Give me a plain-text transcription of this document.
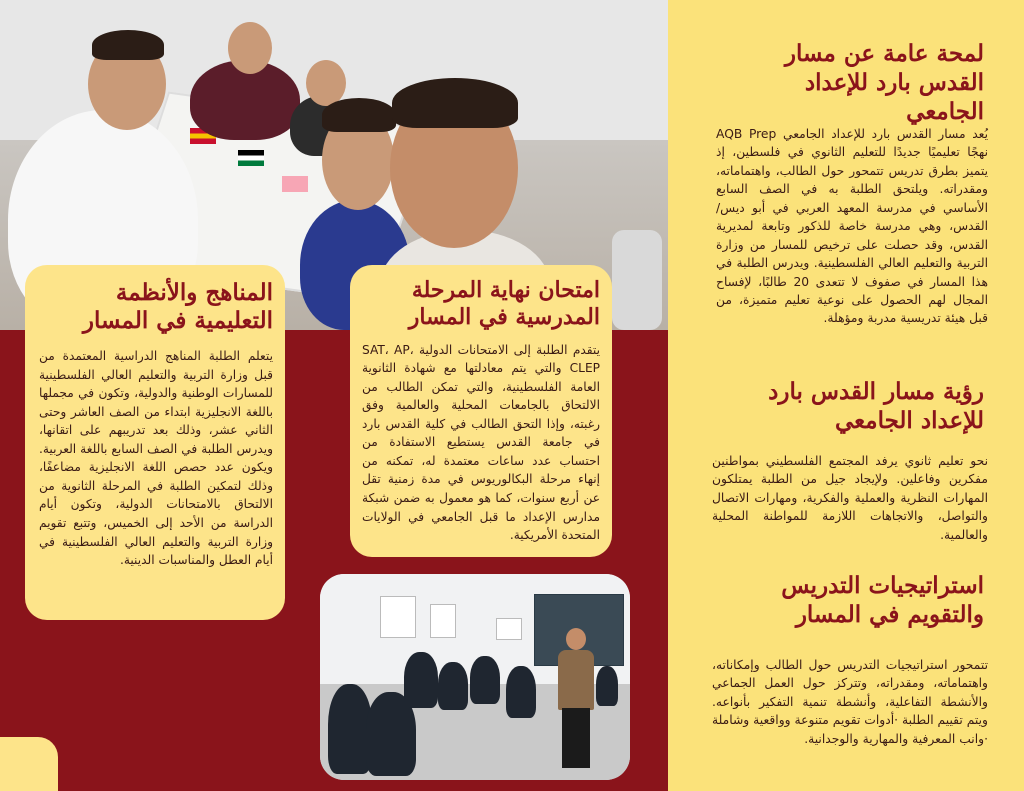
المناهج والأنظمة التعليمية في المسار

يتعلم الطلبة المناهج الدراسية المعتمدة من قبل وزارة التربية والتعليم العالي الفلسطينية للمسارات الوطنية والدولية، وتكون في مجملها باللغة الانجليزية ابتداء من الصف العاشر وحتى الثاني عشر، وذلك بعد تدريبهم على اتقانها، ويدرس الطلبة في الصف السابع باللغة العربية. ويكون عدد حصص اللغة الانجليزية مضاعفًا، وذلك لتمكين الطلبة في المرحلة الثانوية من الالتحاق بالامتحانات الدولية، وتكون أيام الدراسة من الأحد إلى الخميس، وتتبع تقويم وزارة التربية والتعليم العالي الفلسطينية في أيام العطل والمناسبات الدينية.

امتحان نهاية المرحلة المدرسية في المسار

يتقدم الطلبة إلى الامتحانات الدولية SAT، AP، CLEP والتي يتم معادلتها مع شهادة الثانوية العامة الفلسطينية، والتي تمكن الطالب من الالتحاق بالجامعات المحلية والعالمية وفق رغبته، وإذا التحق الطالب في كلية القدس بارد في جامعة القدس يستطيع الاستفادة من احتساب عدد ساعات معتمدة له، تمكنه من إنهاء مرحلة البكالوريوس في مدة زمنية تقل عن أربع سنوات، كما هو معمول به ضمن شبكة مدارس الإعداد ما قبل الجامعي في الولايات المتحدة الأمريكية.

لمحة عامة عن مسار القدس بارد للإعداد الجامعي

يُعد مسار القدس بارد للإعداد الجامعي AQB Prep نهجًا تعليميًا جديدًا للتعليم الثانوي في فلسطين، إذ يتميز بطرق تدريس تتمحور حول الطالب، واهتماماته، ومقدراته. ويلتحق الطلبة به في الصف السابع الأساسي في مدرسة المعهد العربي في أبو ديس/القدس، وهي مدرسة خاصة للذكور وتابعة لمديرية القدس، وقد حصلت على ترخيص للمسار من وزارة التربية والتعليم العالي الفلسطينية. ويدرس الطلبة في هذا المسار في صفوف لا تتعدى 20 طالبًا، لإفساح المجال لهم الحصول على نوعية تعليم متميزة، من قبل هيئة تدريسية مدربة ومؤهلة.

رؤية مسار القدس بارد للإعداد الجامعي

نحو تعليم ثانوي يرفد المجتمع الفلسطيني بمواطنين مفكرين وفاعلين. ولإيجاد جيل من الطلبة يمتلكون المهارات النظرية والعملية والفكرية، ومهارات الاتصال والتواصل، والاتجاهات اللازمة للمواطنة المحلية والعالمية.

استراتيجيات التدريس والتقويم في المسار

تتمحور استراتيجيات التدريس حول الطالب وإمكاناته، واهتماماته، ومقدراته، وتتركز حول العمل الجماعي والأنشطة التفاعلية، وأنشطة تنمية التفكير بأنواعه. ويتم تقييم الطلبة ·أدوات تقويم متنوعة وواقعية وشاملة ·وانب المعرفية والمهارية والوجدانية.
